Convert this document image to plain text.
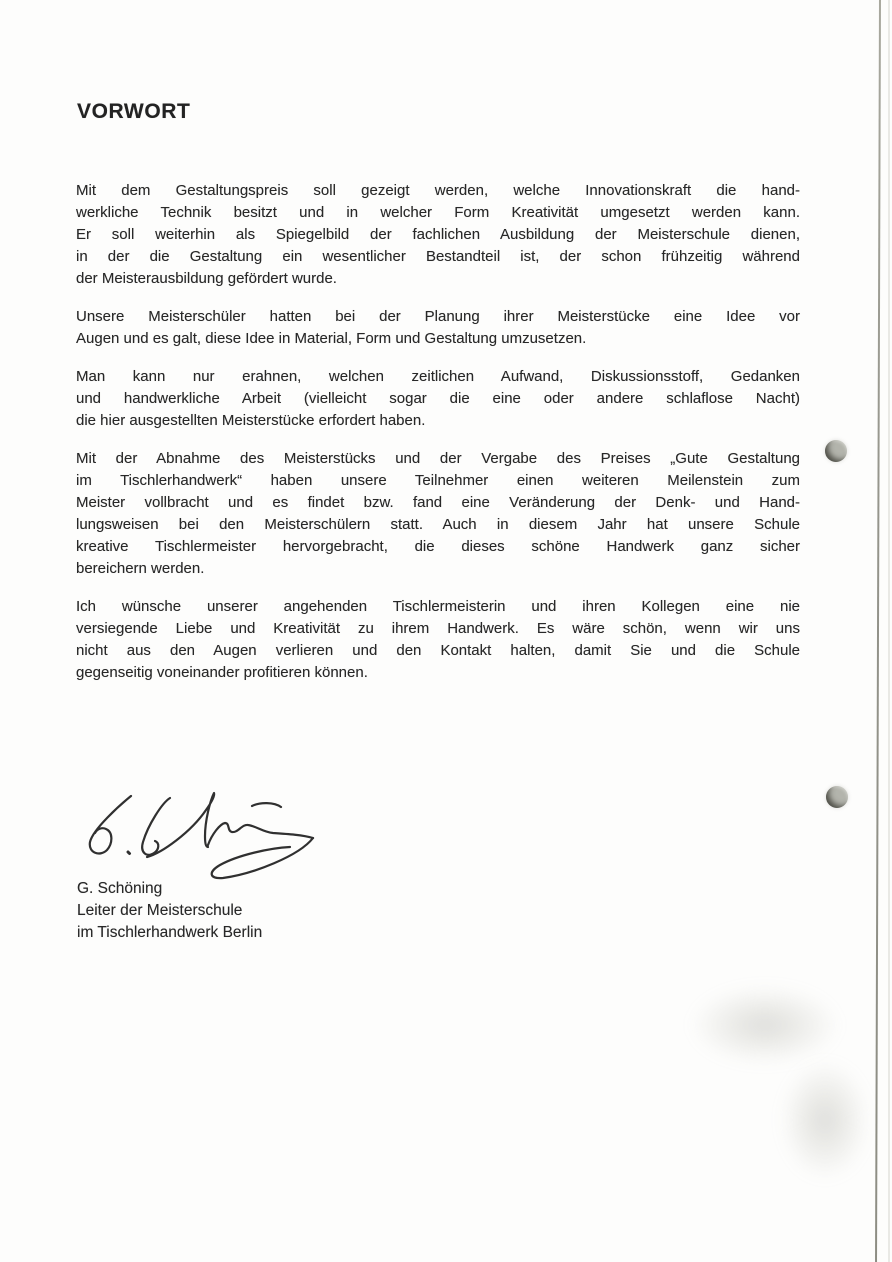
VORWORT
Mit dem Gestaltungspreis soll gezeigt werden, welche Innovationskraft die hand-
werkliche Technik besitzt und in welcher Form Kreativität umgesetzt werden kann.
Er soll weiterhin als Spiegelbild der fachlichen Ausbildung der Meisterschule dienen,
in der die Gestaltung ein wesentlicher Bestandteil ist, der schon frühzeitig während
der Meisterausbildung gefördert wurde.
Unsere Meisterschüler hatten bei der Planung ihrer Meisterstücke eine Idee vor
Augen und es galt, diese Idee in Material, Form und Gestaltung umzusetzen.
Man kann nur erahnen, welchen zeitlichen Aufwand, Diskussionsstoff, Gedanken
und handwerkliche Arbeit (vielleicht sogar die eine oder andere schlaflose Nacht)
die hier ausgestellten Meisterstücke erfordert haben.
Mit der Abnahme des Meisterstücks und der Vergabe des Preises „Gute Gestaltung
im Tischlerhandwerk“ haben unsere Teilnehmer einen weiteren Meilenstein zum
Meister vollbracht und es findet bzw. fand eine Veränderung der Denk- und Hand-
lungsweisen bei den Meisterschülern statt. Auch in diesem Jahr hat unsere Schule
kreative Tischlermeister hervorgebracht, die dieses schöne Handwerk ganz sicher
bereichern werden.
Ich wünsche unserer angehenden Tischlermeisterin und ihren Kollegen eine nie
versiegende Liebe und Kreativität zu ihrem Handwerk. Es wäre schön, wenn wir uns
nicht aus den Augen verlieren und den Kontakt halten, damit Sie und die Schule
gegenseitig voneinander profitieren können.
G. Schöning
Leiter der Meisterschule
im Tischlerhandwerk Berlin
